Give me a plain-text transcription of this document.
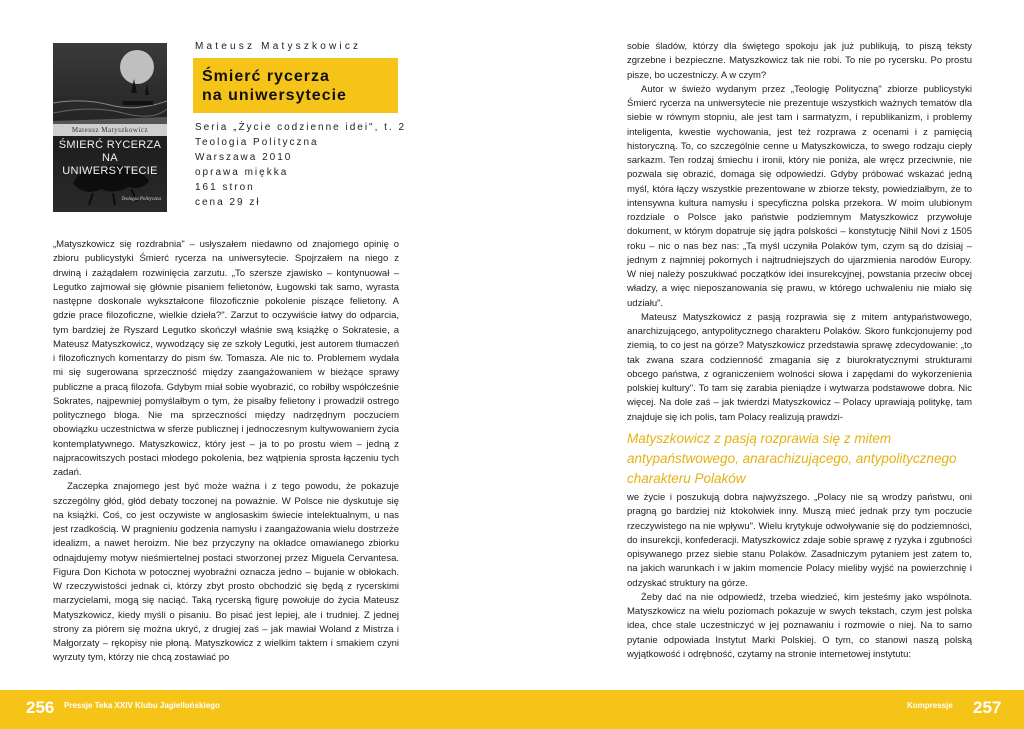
Mateusz Matyszkowicz
ŚMIERĆ RYCERZA NA UNIWERSYTECIE
Teologia Polityczna
Mateusz Matyszkowicz
Śmierć rycerza
na uniwersytecie
Seria „Życie codzienne idei", t. 2
Teologia Polityczna
Warszawa 2010
oprawa miękka
161 stron
cena 29 zł

„Matyszkowicz się rozdrabnia" – usłyszałem niedawno od znajomego opinię o zbioru publicystyki Śmierć rycerza na uniwersytecie. Spojrzałem na niego z drwiną i zażądałem rozwinięcia zarzutu. „To szersze zjawisko – kontynuował – Legutko zajmował się głównie pisaniem felietonów, Ługowski tak samo, wyrasta następne doskonale wykształcone filozoficznie pokolenie piszące felietony. A gdzie prace filozoficzne, wielkie dzieła?". Zarzut to oczywiście łatwy do odparcia, tym bardziej że Ryszard Legutko skończył właśnie swą książkę o Sokratesie, a Mateusz Matyszkowicz, wywodzący się ze szkoły Legutki, jest autorem tłumaczeń i filozoficznych komentarzy do pism św. Tomasza. Ale nic to. Problemem wydała mi się sugerowana sprzeczność między zaangażowaniem w bieżące sprawy publiczne a pracą filozofa. Gdybym miał sobie wyobrazić, co robiłby współcześnie Sokrates, najpewniej pomyślałbym o tym, że pisałby felietony i prowadził ostrego politycznego bloga. Nie ma sprzeczności między nadrzędnym poczuciem obowiązku uczestnictwa w sferze publicznej i jednoczesnym kultywowaniem życia kontemplatywnego. Matyszkowicz, który jest – ja to po prostu wiem – jedną z najpracowitszych postaci młodego pokolenia, bez wątpienia sprosta łączeniu tych zadań.

Zaczepka znajomego jest być może ważna i z tego powodu, że pokazuje szczególny głód, głód debaty toczonej na poważnie. W Polsce nie dyskutuje się na książki. Coś, co jest oczywiste w anglosaskim świecie intelektualnym, u nas jest rzadkością. W pragnieniu godzenia namysłu i zaangażowania wielu dostrzeże idealizm, a nawet heroizm. Nie bez przyczyny na okładce omawianego zbiorku odnajdujemy motyw nieśmiertelnej postaci stworzonej przez Miguela Cervantesa. Figura Don Kichota w potocznej wyobraźni oznacza jedno – bujanie w obłokach. W rzeczywistości jednak ci, którzy zbyt prosto obchodzić się będą z rycerskimi marzycielami, mogą się naciąć. Taką rycerską figurę powołuje do życia Mateusz Matyszkowicz, kiedy myśli o pisaniu. Bo pisać jest lepiej, ale i trudniej. Z jednej strony za piórem się można ukryć, z drugiej zaś – jak mawiał Woland z Mistrza i Małgorzaty – rękopisy nie płoną. Matyszkowicz z wielkim taktem i smakiem czyni wyrzuty tym, którzy nie chcą zostawiać po

sobie śladów, którzy dla świętego spokoju jak już publikują, to piszą teksty zgrzebne i bezpieczne. Matyszkowicz tak nie robi. To nie po rycersku. Po prostu pisze, bo uczestniczy. A w czym?

Autor w świeżo wydanym przez „Teologię Polityczną" zbiorze publicystyki Śmierć rycerza na uniwersytecie nie prezentuje wszystkich ważnych tematów dla siebie w równym stopniu, ale jest tam i sarmatyzm, i republikanizm, i problemy inteligenta, kwestie wychowania, jest też rozprawa z ocenami i z pamięcią historyczną. To, co szczególnie cenne u Matyszkowicza, to swego rodzaju ciepły sarkazm. Ten rodzaj śmiechu i ironii, który nie poniża, ale wręcz przeciwnie, nie pozwala się obrazić, domaga się odpowiedzi. Gdyby próbować wskazać jedną myśl, która łączy wszystkie prezentowane w zbiorze teksty, powiedziałbym, że to intensywna kultura namysłu i specyficzna polska przekora. W moim ulubionym rozdziale o Polsce jako państwie podziemnym Matyszkowicz przywołuje dokument, w którym dopatruje się jądra polskości – konstytucję Nihil Novi z 1505 roku – nic o nas bez nas: „Ta myśl uczyniła Polaków tym, czym są do dzisiaj – jednym z najmniej pokornych i najtrudniejszych do ujarzmienia narodów Europy. W niej należy poszukiwać początków idei insurekcyjnej, powstania przeciw obcej władzy, a więc nieposzanowania się prawu, w którego uchwaleniu nie miało się udziału".

Mateusz Matyszkowicz z pasją rozprawia się z mitem antypaństwowego, anarchizującego, antypolitycznego charakteru Polaków. Skoro funkcjonujemy pod ziemią, to co jest na górze? Matyszkowicz przedstawia sprawę zdecydowanie: „to tak zwana szara codzienność zmagania się z biurokratycznymi strukturami obcego państwa, z ograniczeniem wolności słowa i zapędami do wykorzenienia polskiej kultury". To tam się zarabia pieniądze i wytwarza podstawowe dobra. Nic więcej. Na dole zaś – jak twierdzi Matyszkowicz – Polacy uprawiają politykę, tam znajduje się ich polis, tam Polacy realizują prawdzi-

Matyszkowicz z pasją rozprawia się z mitem antypaństwowego, anarachizującego, antypolitycznego charakteru Polaków

we życie i poszukują dobra najwyższego. „Polacy nie są wrodzy państwu, oni pragną go bardziej niż ktokolwiek inny. Muszą mieć jednak przy tym poczucie rzeczywistego na nie wpływu". Wielu krytykuje odwoływanie się do podziemności, do insurekcji, konfederacji. Matyszkowicz zdaje sobie sprawę z ryzyka i zgubności opisywanego przez siebie stanu Polaków. Zasadniczym pytaniem jest zatem to, na jakich warunkach i w jakim momencie Polacy mieliby wyjść na powierzchnię i odzyskać struktury na górze.

Żeby dać na nie odpowiedź, trzeba wiedzieć, kim jesteśmy jako wspólnota. Matyszkowicz na wielu poziomach pokazuje w swych tekstach, czym jest polska idea, chce stale uczestniczyć w jej poznawaniu i rozmowie o niej. Na to samo pytanie odpowiada Instytut Marki Polskiej. O tym, co stanowi naszą polską wyjątkowość i odrębność, czytamy na stronie internetowej instytutu:

256 Pressje Teka XXIV Klubu Jagiellońskiego	Kompressje 257
